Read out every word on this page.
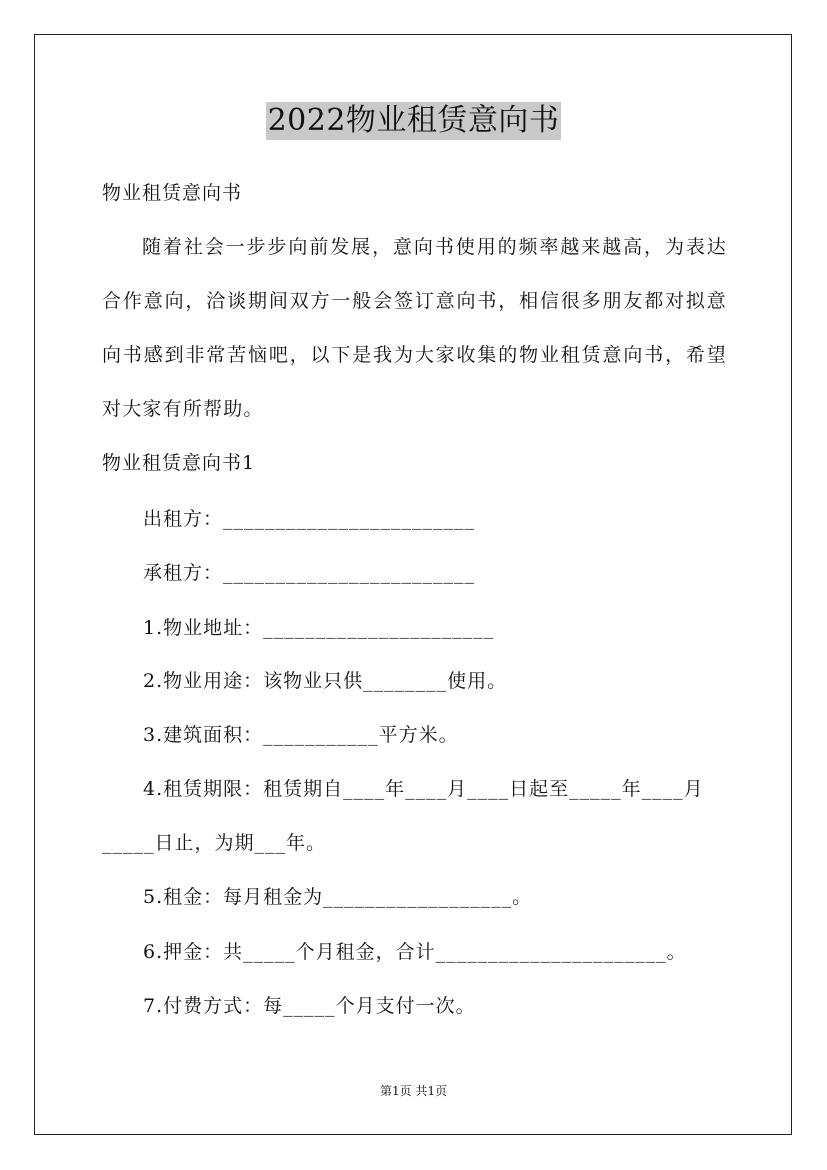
2022物业租赁意向书
物业租赁意向书
随着社会一步步向前发展，意向书使用的频率越来越高，为表达合作意向，洽谈期间双方一般会签订意向书，相信很多朋友都对拟意向书感到非常苦恼吧，以下是我为大家收集的物业租赁意向书，希望对大家有所帮助。
物业租赁意向书1
出租方：________________________
承租方：________________________
1.物业地址：______________________
2.物业用途：该物业只供________使用。
3.建筑面积：___________平方米。
4.租赁期限：租赁期自____年____月____日起至_____年____月
_____日止，为期___年。
5.租金：每月租金为__________________。
6.押金：共_____个月租金，合计______________________。
7.付费方式：每_____个月支付一次。
第1页 共1页
